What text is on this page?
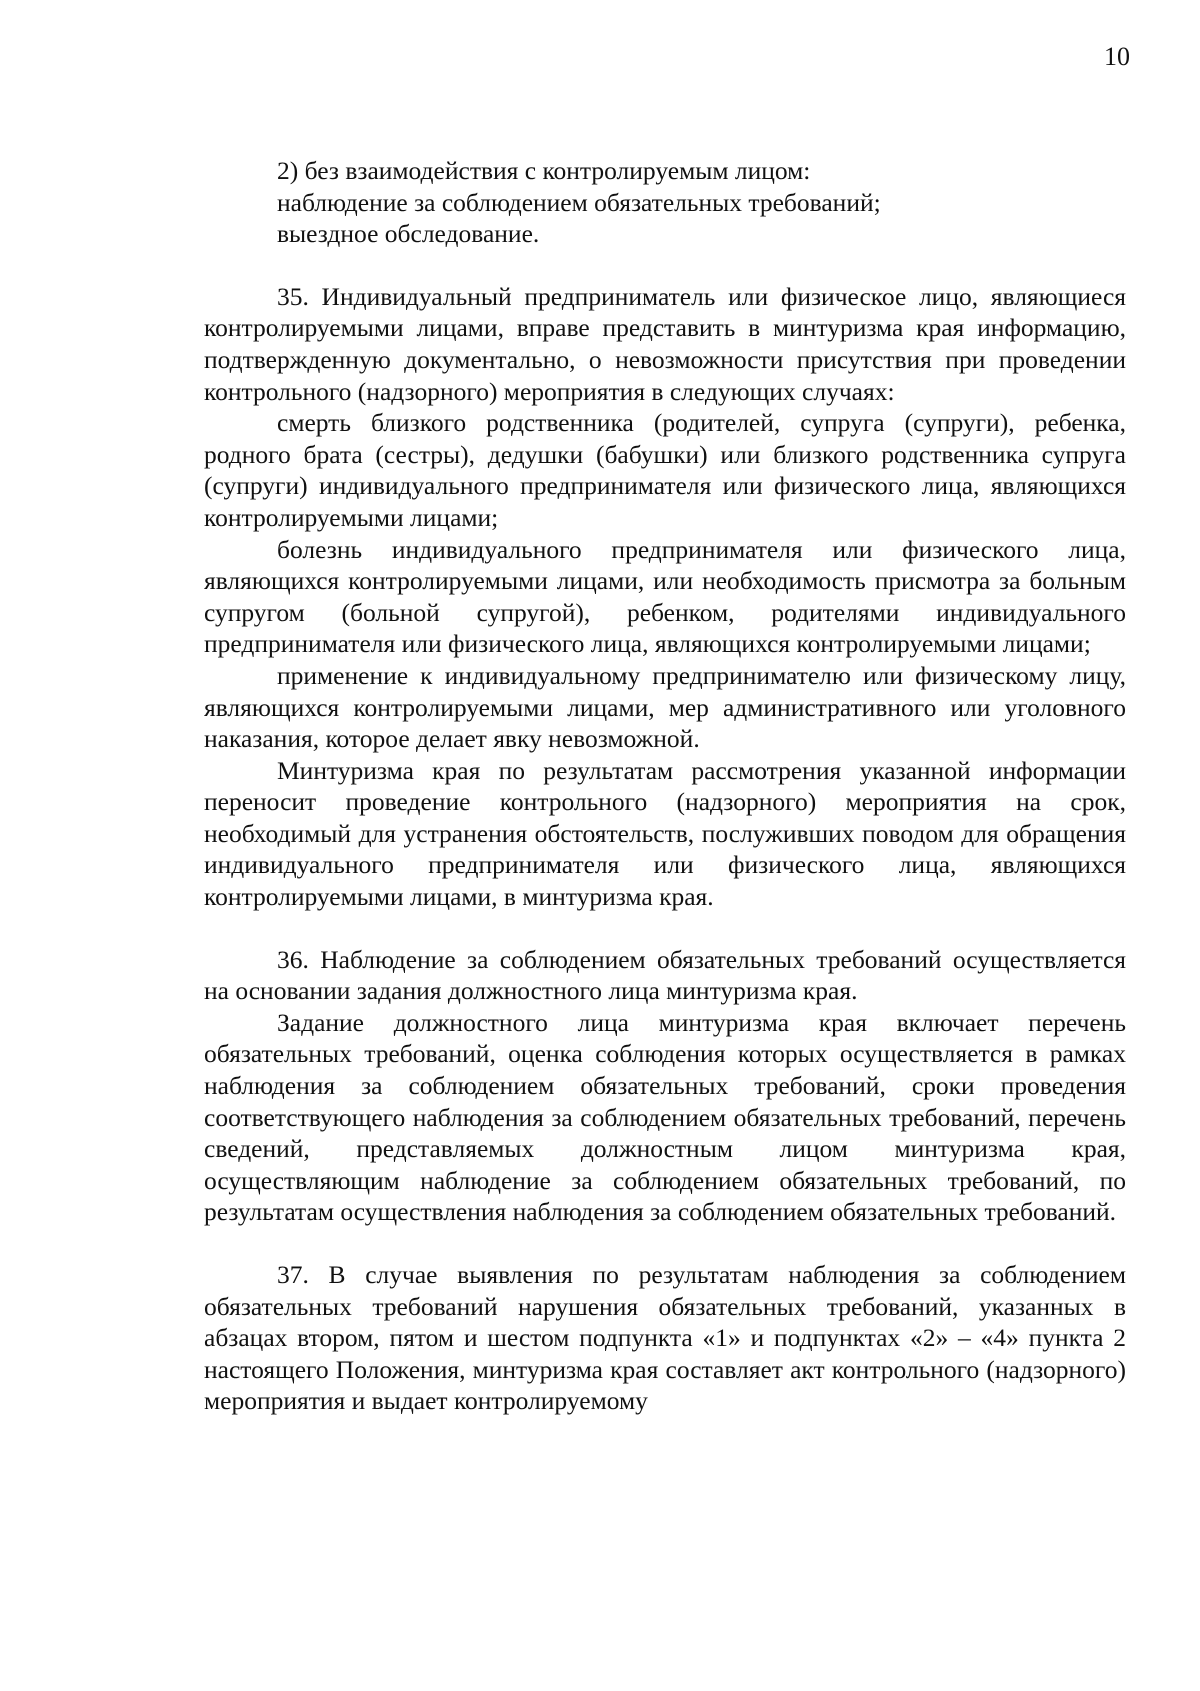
10

2) без взаимодействия с контролируемым лицом:

наблюдение за соблюдением обязательных требований;

выездное обследование.

35. Индивидуальный предприниматель или физическое лицо, являющиеся контролируемыми лицами, вправе представить в минтуризма края информацию, подтвержденную документально, о невозможности присутствия при проведении контрольного (надзорного) мероприятия в следующих случаях:

смерть близкого родственника (родителей, супруга (супруги), ребенка, родного брата (сестры), дедушки (бабушки) или близкого родственника супруга (супруги) индивидуального предпринимателя или физического лица, являющихся контролируемыми лицами;

болезнь индивидуального предпринимателя или физического лица, являющихся контролируемыми лицами, или необходимость присмотра за больным супругом (больной супругой), ребенком, родителями индивидуального предпринимателя или физического лица, являющихся контролируемыми лицами;

применение к индивидуальному предпринимателю или физическому лицу, являющихся контролируемыми лицами, мер административного или уголовного наказания, которое делает явку невозможной.

Минтуризма края по результатам рассмотрения указанной информации переносит проведение контрольного (надзорного) мероприятия на срок, необходимый для устранения обстоятельств, послуживших поводом для обращения индивидуального предпринимателя или физического лица, являющихся контролируемыми лицами, в минтуризма края.

36. Наблюдение за соблюдением обязательных требований осуществляется на основании задания должностного лица минтуризма края.

Задание должностного лица минтуризма края включает перечень обязательных требований, оценка соблюдения которых осуществляется в рамках наблюдения за соблюдением обязательных требований, сроки проведения соответствующего наблюдения за соблюдением обязательных требований, перечень сведений, представляемых должностным лицом минтуризма края, осуществляющим наблюдение за соблюдением обязательных требований, по результатам осуществления наблюдения за соблюдением обязательных требований.

37. В случае выявления по результатам наблюдения за соблюдением обязательных требований нарушения обязательных требований, указанных в абзацах втором, пятом и шестом подпункта «1» и подпунктах «2» – «4» пункта 2 настоящего Положения, минтуризма края составляет акт контрольного (надзорного) мероприятия и выдает контролируемому
